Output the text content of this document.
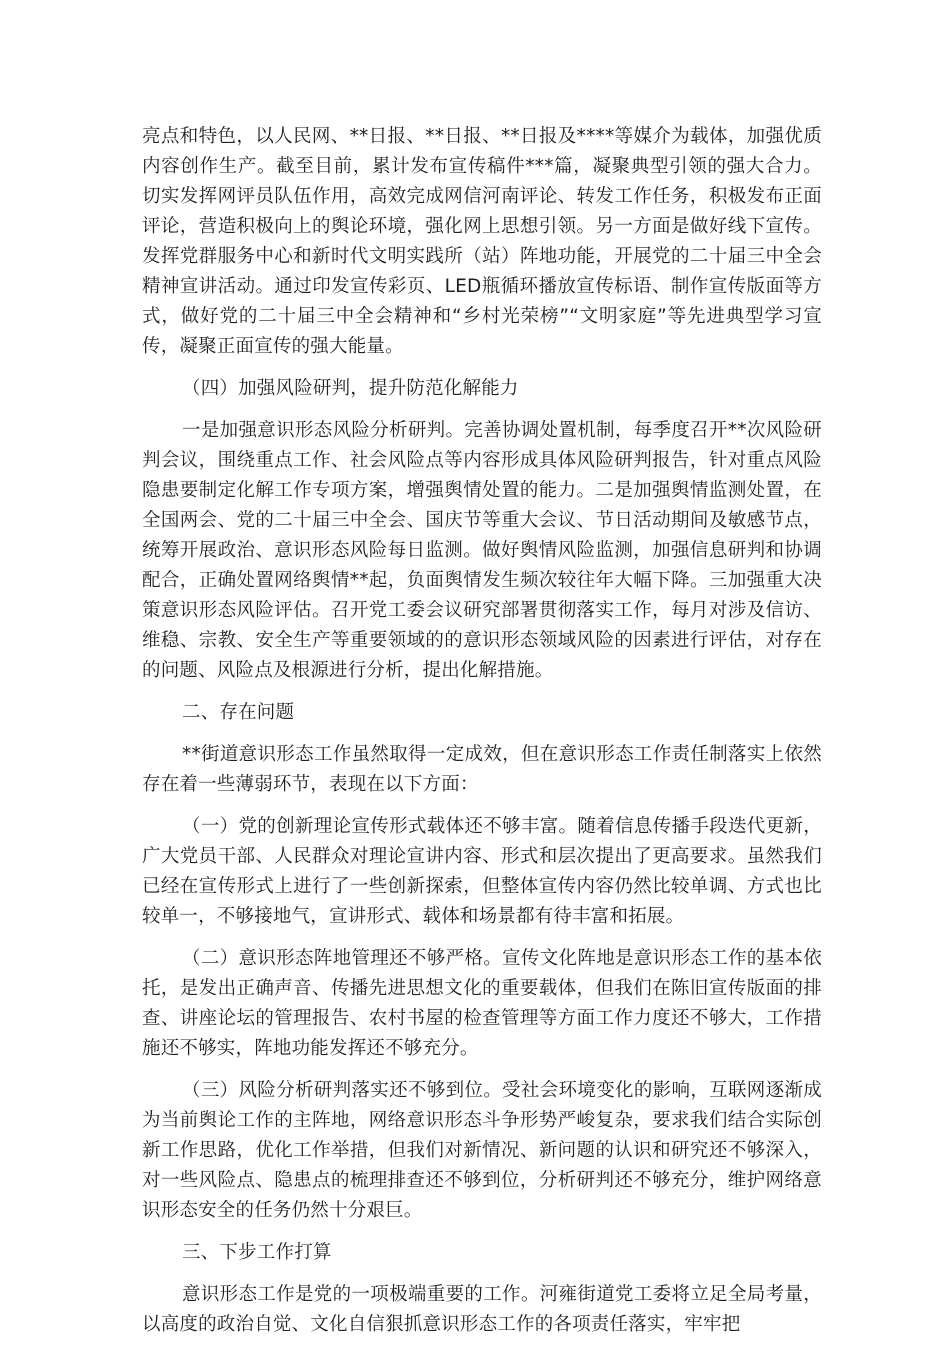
亮点和特色，以人民网、**日报、**日报、**日报及****等媒介为载体，加强优质内容创作生产。截至目前，累计发布宣传稿件***篇，凝聚典型引领的强大合力。切实发挥网评员队伍作用，高效完成网信河南评论、转发工作任务，积极发布正面评论，营造积极向上的舆论环境，强化网上思想引领。另一方面是做好线下宣传。发挥党群服务中心和新时代文明实践所（站）阵地功能，开展党的二十届三中全会精神宣讲活动。通过印发宣传彩页、LED瓶循环播放宣传标语、制作宣传版面等方式，做好党的二十届三中全会精神和“乡村光荣榜”“文明家庭”等先进典型学习宣传，凝聚正面宣传的强大能量。

（四）加强风险研判，提升防范化解能力

一是加强意识形态风险分析研判。完善协调处置机制，每季度召开**次风险研判会议，围绕重点工作、社会风险点等内容形成具体风险研判报告，针对重点风险隐患要制定化解工作专项方案，增强舆情处置的能力。二是加强舆情监测处置，在全国两会、党的二十届三中全会、国庆节等重大会议、节日活动期间及敏感节点，统筹开展政治、意识形态风险每日监测。做好舆情风险监测，加强信息研判和协调配合，正确处置网络舆情**起，负面舆情发生频次较往年大幅下降。三加强重大决策意识形态风险评估。召开党工委会议研究部署贯彻落实工作，每月对涉及信访、维稳、宗教、安全生产等重要领域的的意识形态领域风险的因素进行评估，对存在的问题、风险点及根源进行分析，提出化解措施。

二、存在问题

**街道意识形态工作虽然取得一定成效，但在意识形态工作责任制落实上依然存在着一些薄弱环节，表现在以下方面：

（一）党的创新理论宣传形式载体还不够丰富。随着信息传播手段迭代更新，广大党员干部、人民群众对理论宣讲内容、形式和层次提出了更高要求。虽然我们已经在宣传形式上进行了一些创新探索，但整体宣传内容仍然比较单调、方式也比较单一，不够接地气，宣讲形式、载体和场景都有待丰富和拓展。

（二）意识形态阵地管理还不够严格。宣传文化阵地是意识形态工作的基本依托，是发出正确声音、传播先进思想文化的重要载体，但我们在陈旧宣传版面的排查、讲座论坛的管理报告、农村书屋的检查管理等方面工作力度还不够大，工作措施还不够实，阵地功能发挥还不够充分。

（三）风险分析研判落实还不够到位。受社会环境变化的影响，互联网逐渐成为当前舆论工作的主阵地，网络意识形态斗争形势严峻复杂，要求我们结合实际创新工作思路，优化工作举措，但我们对新情况、新问题的认识和研究还不够深入，对一些风险点、隐患点的梳理排查还不够到位，分析研判还不够充分，维护网络意识形态安全的任务仍然十分艰巨。

三、下步工作打算

意识形态工作是党的一项极端重要的工作。河雍街道党工委将立足全局考量，以高度的政治自觉、文化自信狠抓意识形态工作的各项责任落实，牢牢把
